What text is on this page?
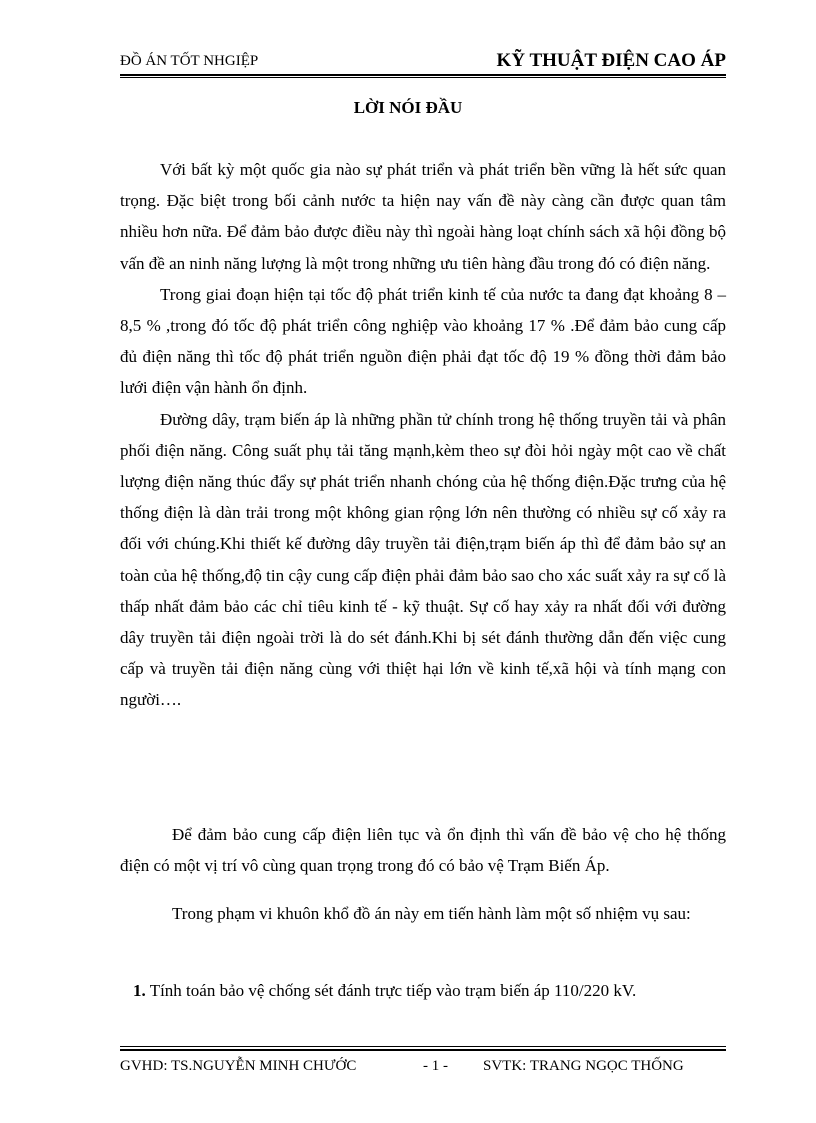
ĐỒ ÁN TỐT NHGIỆP	KỸ THUẬT ĐIỆN CAO ÁP
LỜI NÓI ĐẦU

Với bất kỳ một quốc gia nào sự phát triển và phát triển bền vững là hết sức quan trọng. Đặc biệt trong bối cảnh nước ta hiện nay vấn đề này càng cần được quan tâm nhiều hơn nữa. Để đảm bảo được điều này thì ngoài hàng loạt chính sách xã hội đồng bộ vấn đề an ninh năng lượng là một trong những ưu tiên hàng đầu trong đó có điện năng.

Trong giai đoạn hiện tại tốc độ phát triển kinh tế của nước ta đang đạt khoảng 8 – 8,5 % ,trong đó tốc độ phát triển công nghiệp vào khoảng 17 % .Để đảm bảo cung cấp đủ điện năng thì tốc độ phát triển nguồn điện phải đạt tốc độ 19 % đồng thời đảm bảo lưới điện vận hành ổn định.

Đường dây, trạm biến áp là những phần tử chính trong hệ thống truyền tải và phân phối điện năng. Công suất phụ tải tăng mạnh,kèm theo sự đòi hỏi ngày một cao về chất lượng điện năng thúc đẩy sự phát triển nhanh chóng của hệ thống điện.Đặc trưng của hệ thống điện là dàn trải trong một không gian rộng lớn nên thường có nhiều sự cố xảy ra đối với chúng.Khi thiết kế đường dây truyền tải điện,trạm biến áp thì để đảm bảo sự an toàn của hệ thống,độ tin cậy cung cấp điện phải đảm bảo sao cho xác suất xảy ra sự cố là thấp nhất đảm bảo các chỉ tiêu kinh tế - kỹ thuật. Sự cố hay xảy ra nhất đối với đường dây truyền tải điện ngoài trời là do sét đánh.Khi bị sét đánh thường dẫn đến việc cung cấp và truyền tải điện năng cùng với thiệt hại lớn về kinh tế,xã hội và tính mạng con người….

Để đảm bảo cung cấp điện liên tục và ổn định thì vấn đề bảo vệ cho hệ thống điện có một vị trí vô cùng quan trọng trong đó có bảo vệ Trạm Biến Áp.

Trong phạm vi khuôn khổ đồ án này em tiến hành làm một số nhiệm vụ sau:

1. Tính toán bảo vệ chống sét đánh trực tiếp vào trạm biến áp 110/220 kV.
GVHD: TS.NGUYỄN MINH CHƯỚC	- 1 - SVTK: TRANG NGỌC THỐNG
